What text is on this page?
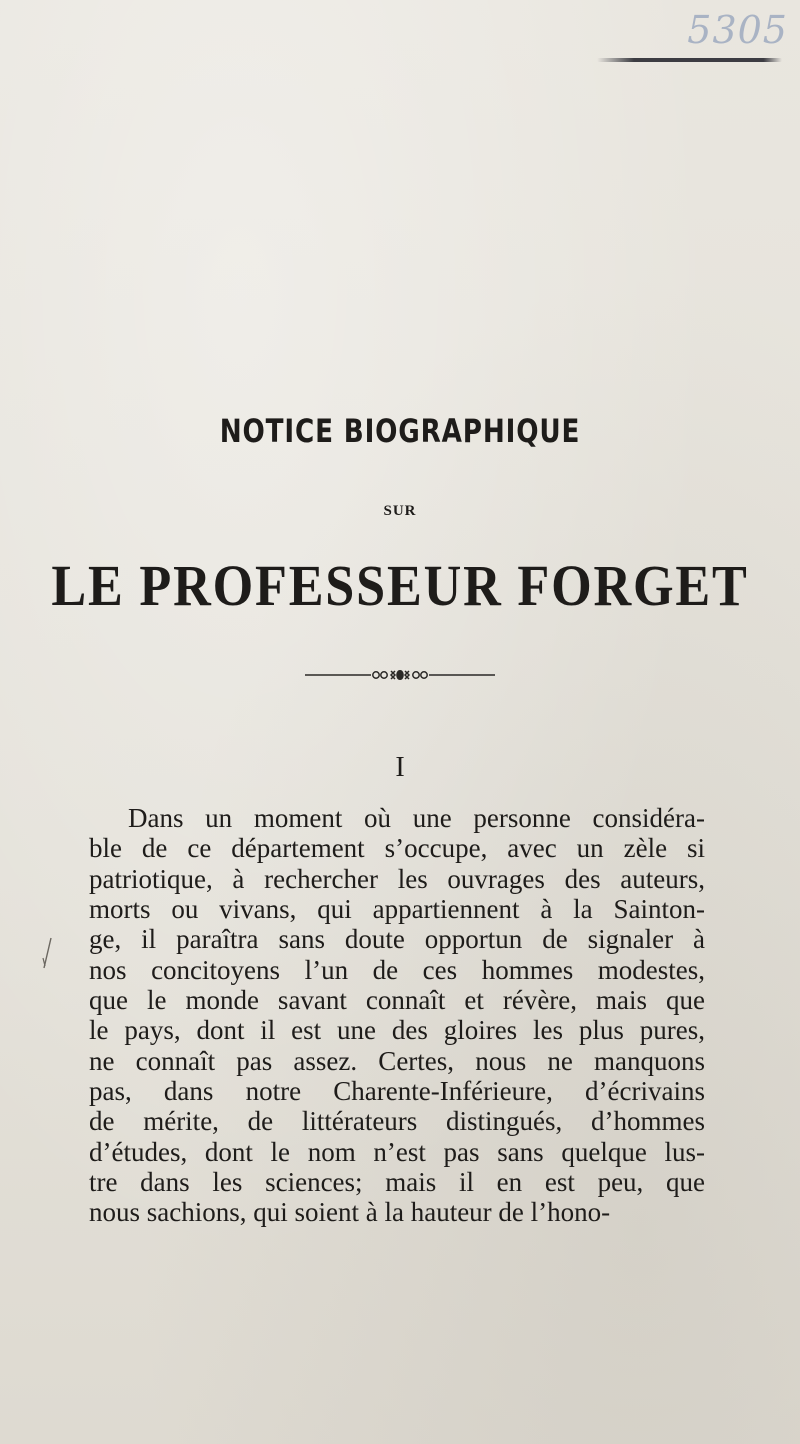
5305
NOTICE BIOGRAPHIQUE
SUR
LE PROFESSEUR FORGET
I
Dans un moment où une personne considéra-
ble de ce département s’occupe, avec un zèle si
patriotique, à rechercher les ouvrages des auteurs,
morts ou vivans, qui appartiennent à la Sainton-
ge, il paraîtra sans doute opportun de signaler à
nos concitoyens l’un de ces hommes modestes,
que le monde savant connaît et révère, mais que
le pays, dont il est une des gloires les plus pures,
ne connaît pas assez. Certes, nous ne manquons
pas, dans notre Charente-Inférieure, d’écrivains
de mérite, de littérateurs distingués, d’hommes
d’études, dont le nom n’est pas sans quelque lus-
tre dans les sciences; mais il en est peu, que
nous sachions, qui soient à la hauteur de l’hono-
